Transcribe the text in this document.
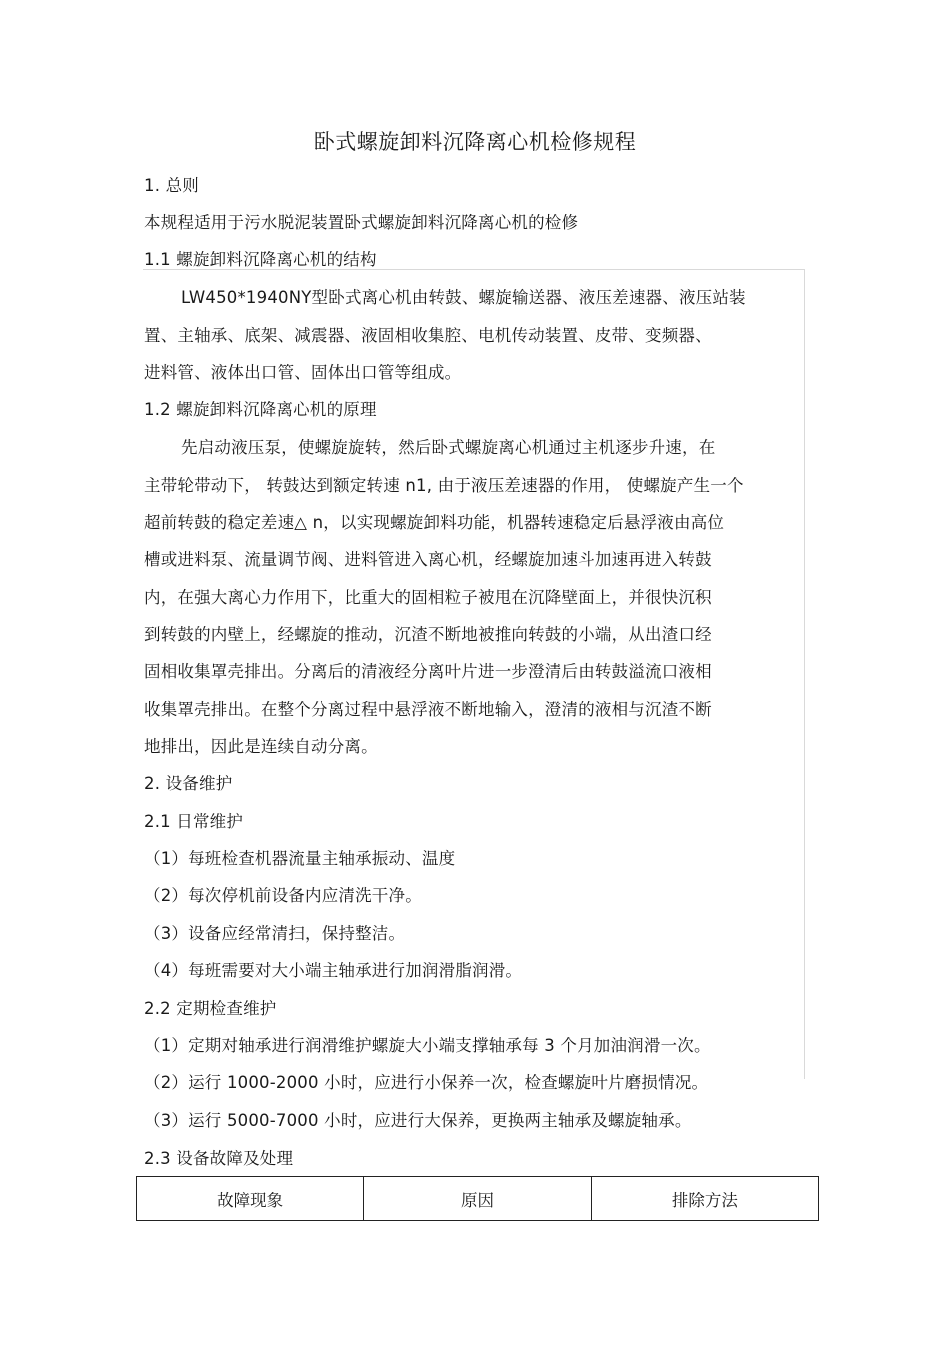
卧式螺旋卸料沉降离心机检修规程
1. 总则
本规程适用于污水脱泥装置卧式螺旋卸料沉降离心机的检修
1.1 螺旋卸料沉降离心机的结构
LW450*1940NY型卧式离心机由转鼓、螺旋输送器、液压差速器、液压站装
置、主轴承、底架、减震器、液固相收集腔、电机传动装置、皮带、变频器、
进料管、液体出口管、固体出口管等组成。
1.2 螺旋卸料沉降离心机的原理
先启动液压泵，使螺旋旋转，然后卧式螺旋离心机通过主机逐步升速，在
主带轮带动下， 转鼓达到额定转速 n1, 由于液压差速器的作用， 使螺旋产生一个
超前转鼓的稳定差速△ n，以实现螺旋卸料功能，机器转速稳定后悬浮液由高位
槽或进料泵、流量调节阀、进料管进入离心机，经螺旋加速斗加速再进入转鼓
内，在强大离心力作用下，比重大的固相粒子被甩在沉降壁面上，并很快沉积
到转鼓的内壁上，经螺旋的推动，沉渣不断地被推向转鼓的小端，从出渣口经
固相收集罩壳排出。分离后的清液经分离叶片进一步澄清后由转鼓溢流口液相
收集罩壳排出。在整个分离过程中悬浮液不断地输入，澄清的液相与沉渣不断
地排出，因此是连续自动分离。
2. 设备维护
2.1 日常维护
（1）每班检查机器流量主轴承振动、温度
（2）每次停机前设备内应清洗干净。
（3）设备应经常清扫，保持整洁。
（4）每班需要对大小端主轴承进行加润滑脂润滑。
2.2 定期检查维护
（1）定期对轴承进行润滑维护螺旋大小端支撑轴承每 3 个月加油润滑一次。
（2）运行 1000-2000 小时，应进行小保养一次，检查螺旋叶片磨损情况。
（3）运行 5000-7000 小时，应进行大保养，更换两主轴承及螺旋轴承。
2.3 设备故障及处理
故障现象	原因	排除方法
